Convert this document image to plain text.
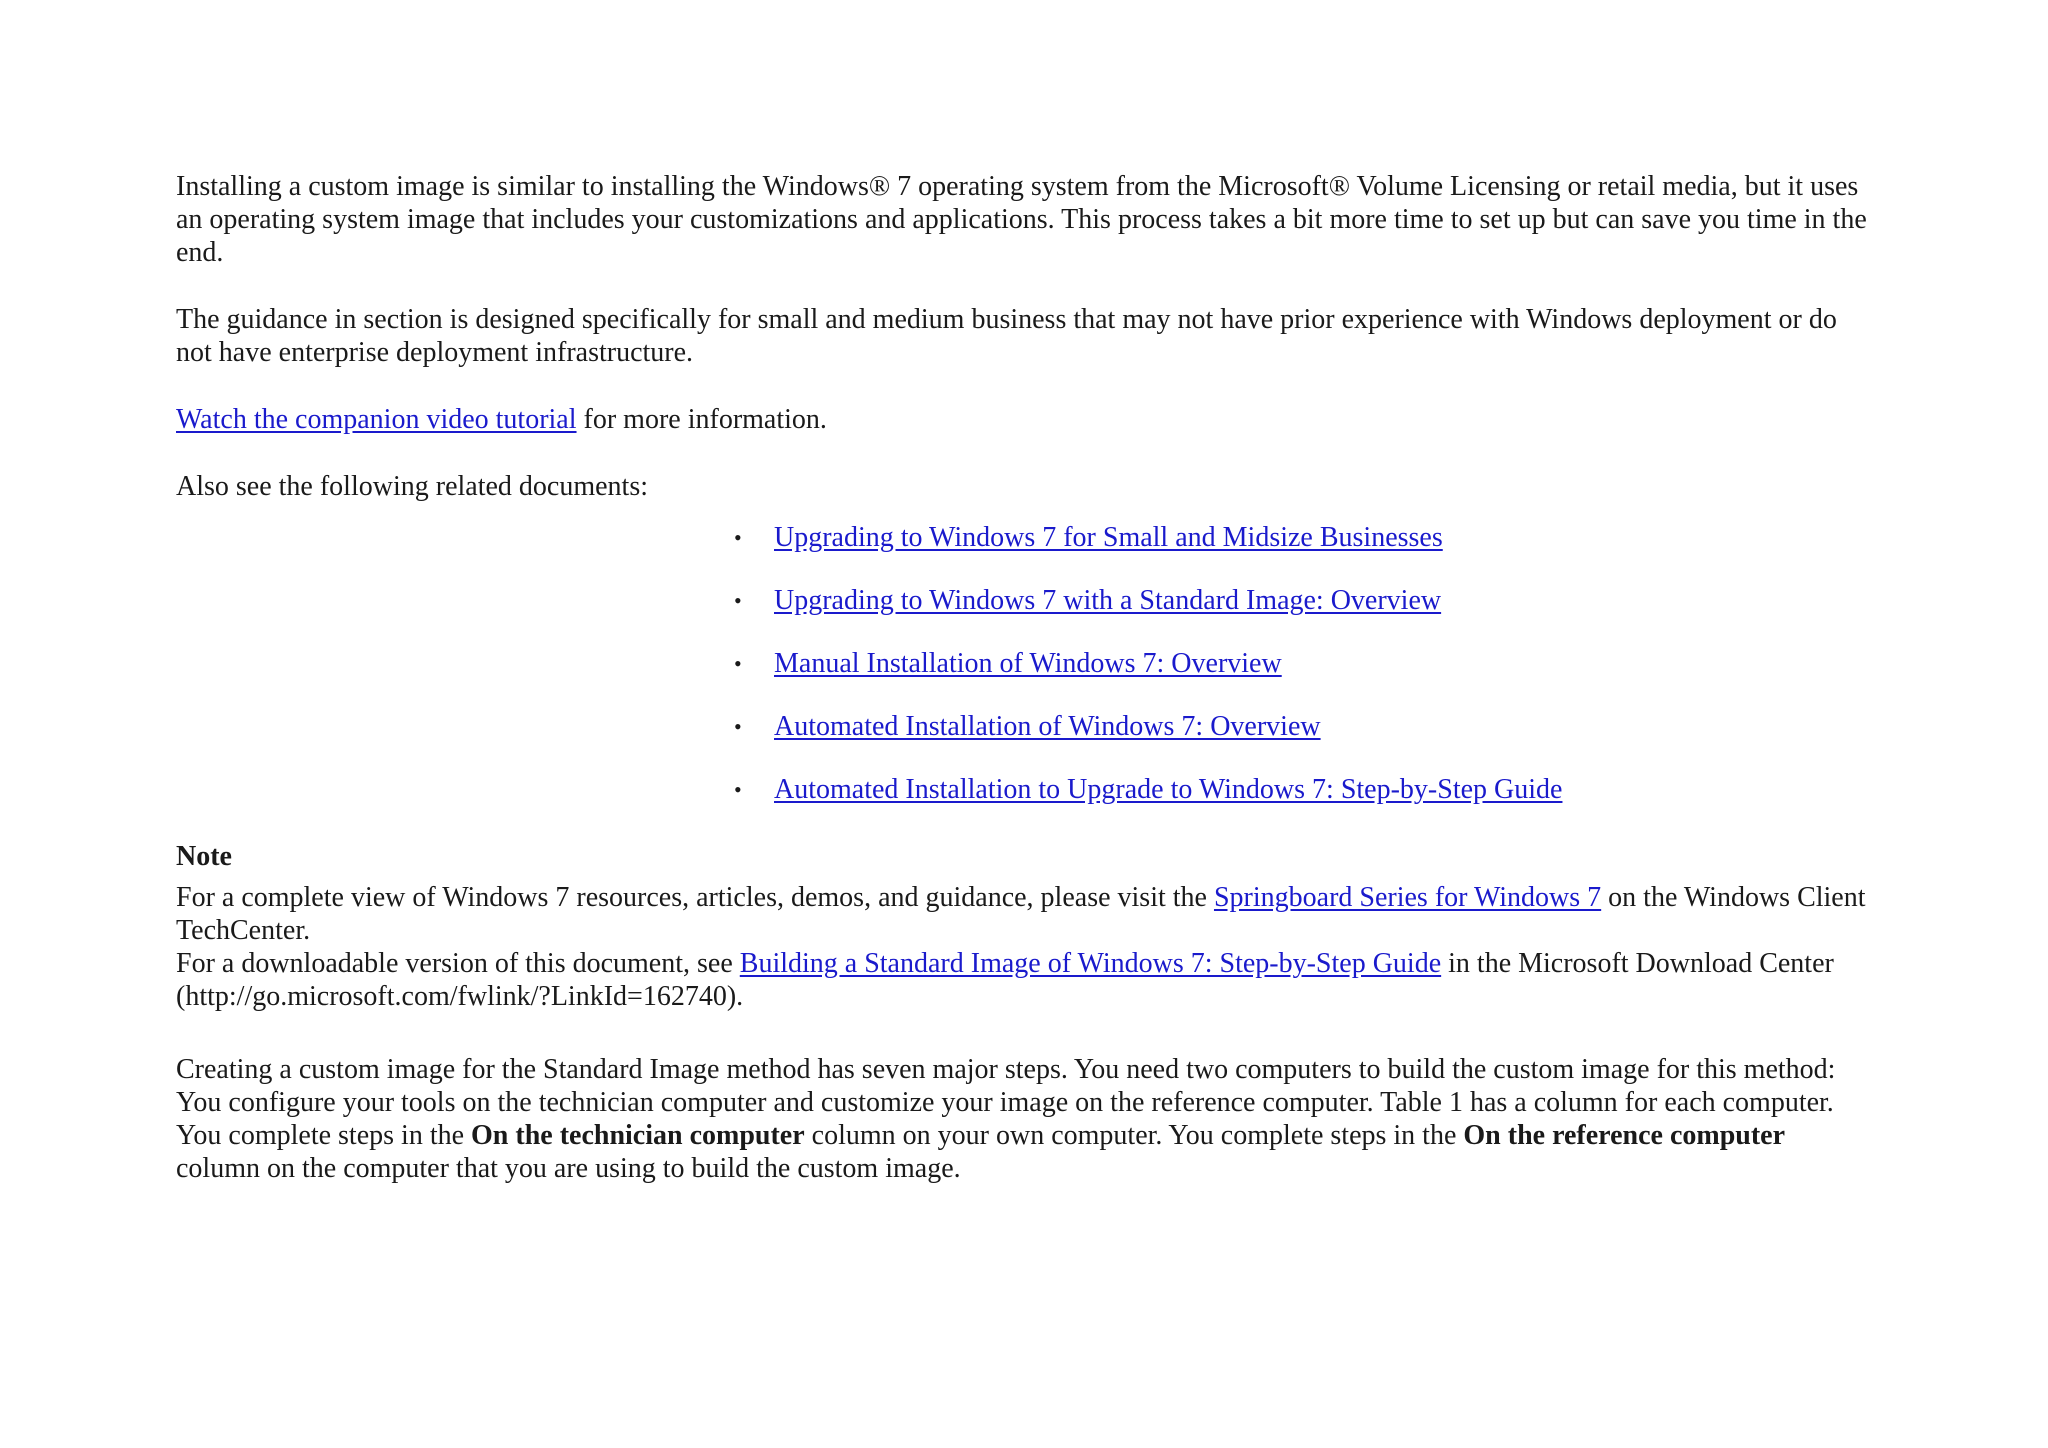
Installing a custom image is similar to installing the Windows® 7 operating system from the Microsoft® Volume Licensing or retail media, but it uses an operating system image that includes your customizations and applications. This process takes a bit more time to set up but can save you time in the end.

The guidance in section is designed specifically for small and medium business that may not have prior experience with Windows deployment or do not have enterprise deployment infrastructure.

Watch the companion video tutorial for more information.

Also see the following related documents:

• Upgrading to Windows 7 for Small and Midsize Businesses
• Upgrading to Windows 7 with a Standard Image: Overview
• Manual Installation of Windows 7: Overview
• Automated Installation of Windows 7: Overview
• Automated Installation to Upgrade to Windows 7: Step-by-Step Guide

Note

For a complete view of Windows 7 resources, articles, demos, and guidance, please visit the Springboard Series for Windows 7 on the Windows Client TechCenter.

For a downloadable version of this document, see Building a Standard Image of Windows 7: Step-by-Step Guide in the Microsoft Download Center (http://go.microsoft.com/fwlink/?LinkId=162740).

Creating a custom image for the Standard Image method has seven major steps. You need two computers to build the custom image for this method: You configure your tools on the technician computer and customize your image on the reference computer. Table 1 has a column for each computer. You complete steps in the On the technician computer column on your own computer. You complete steps in the On the reference computer column on the computer that you are using to build the custom image.
